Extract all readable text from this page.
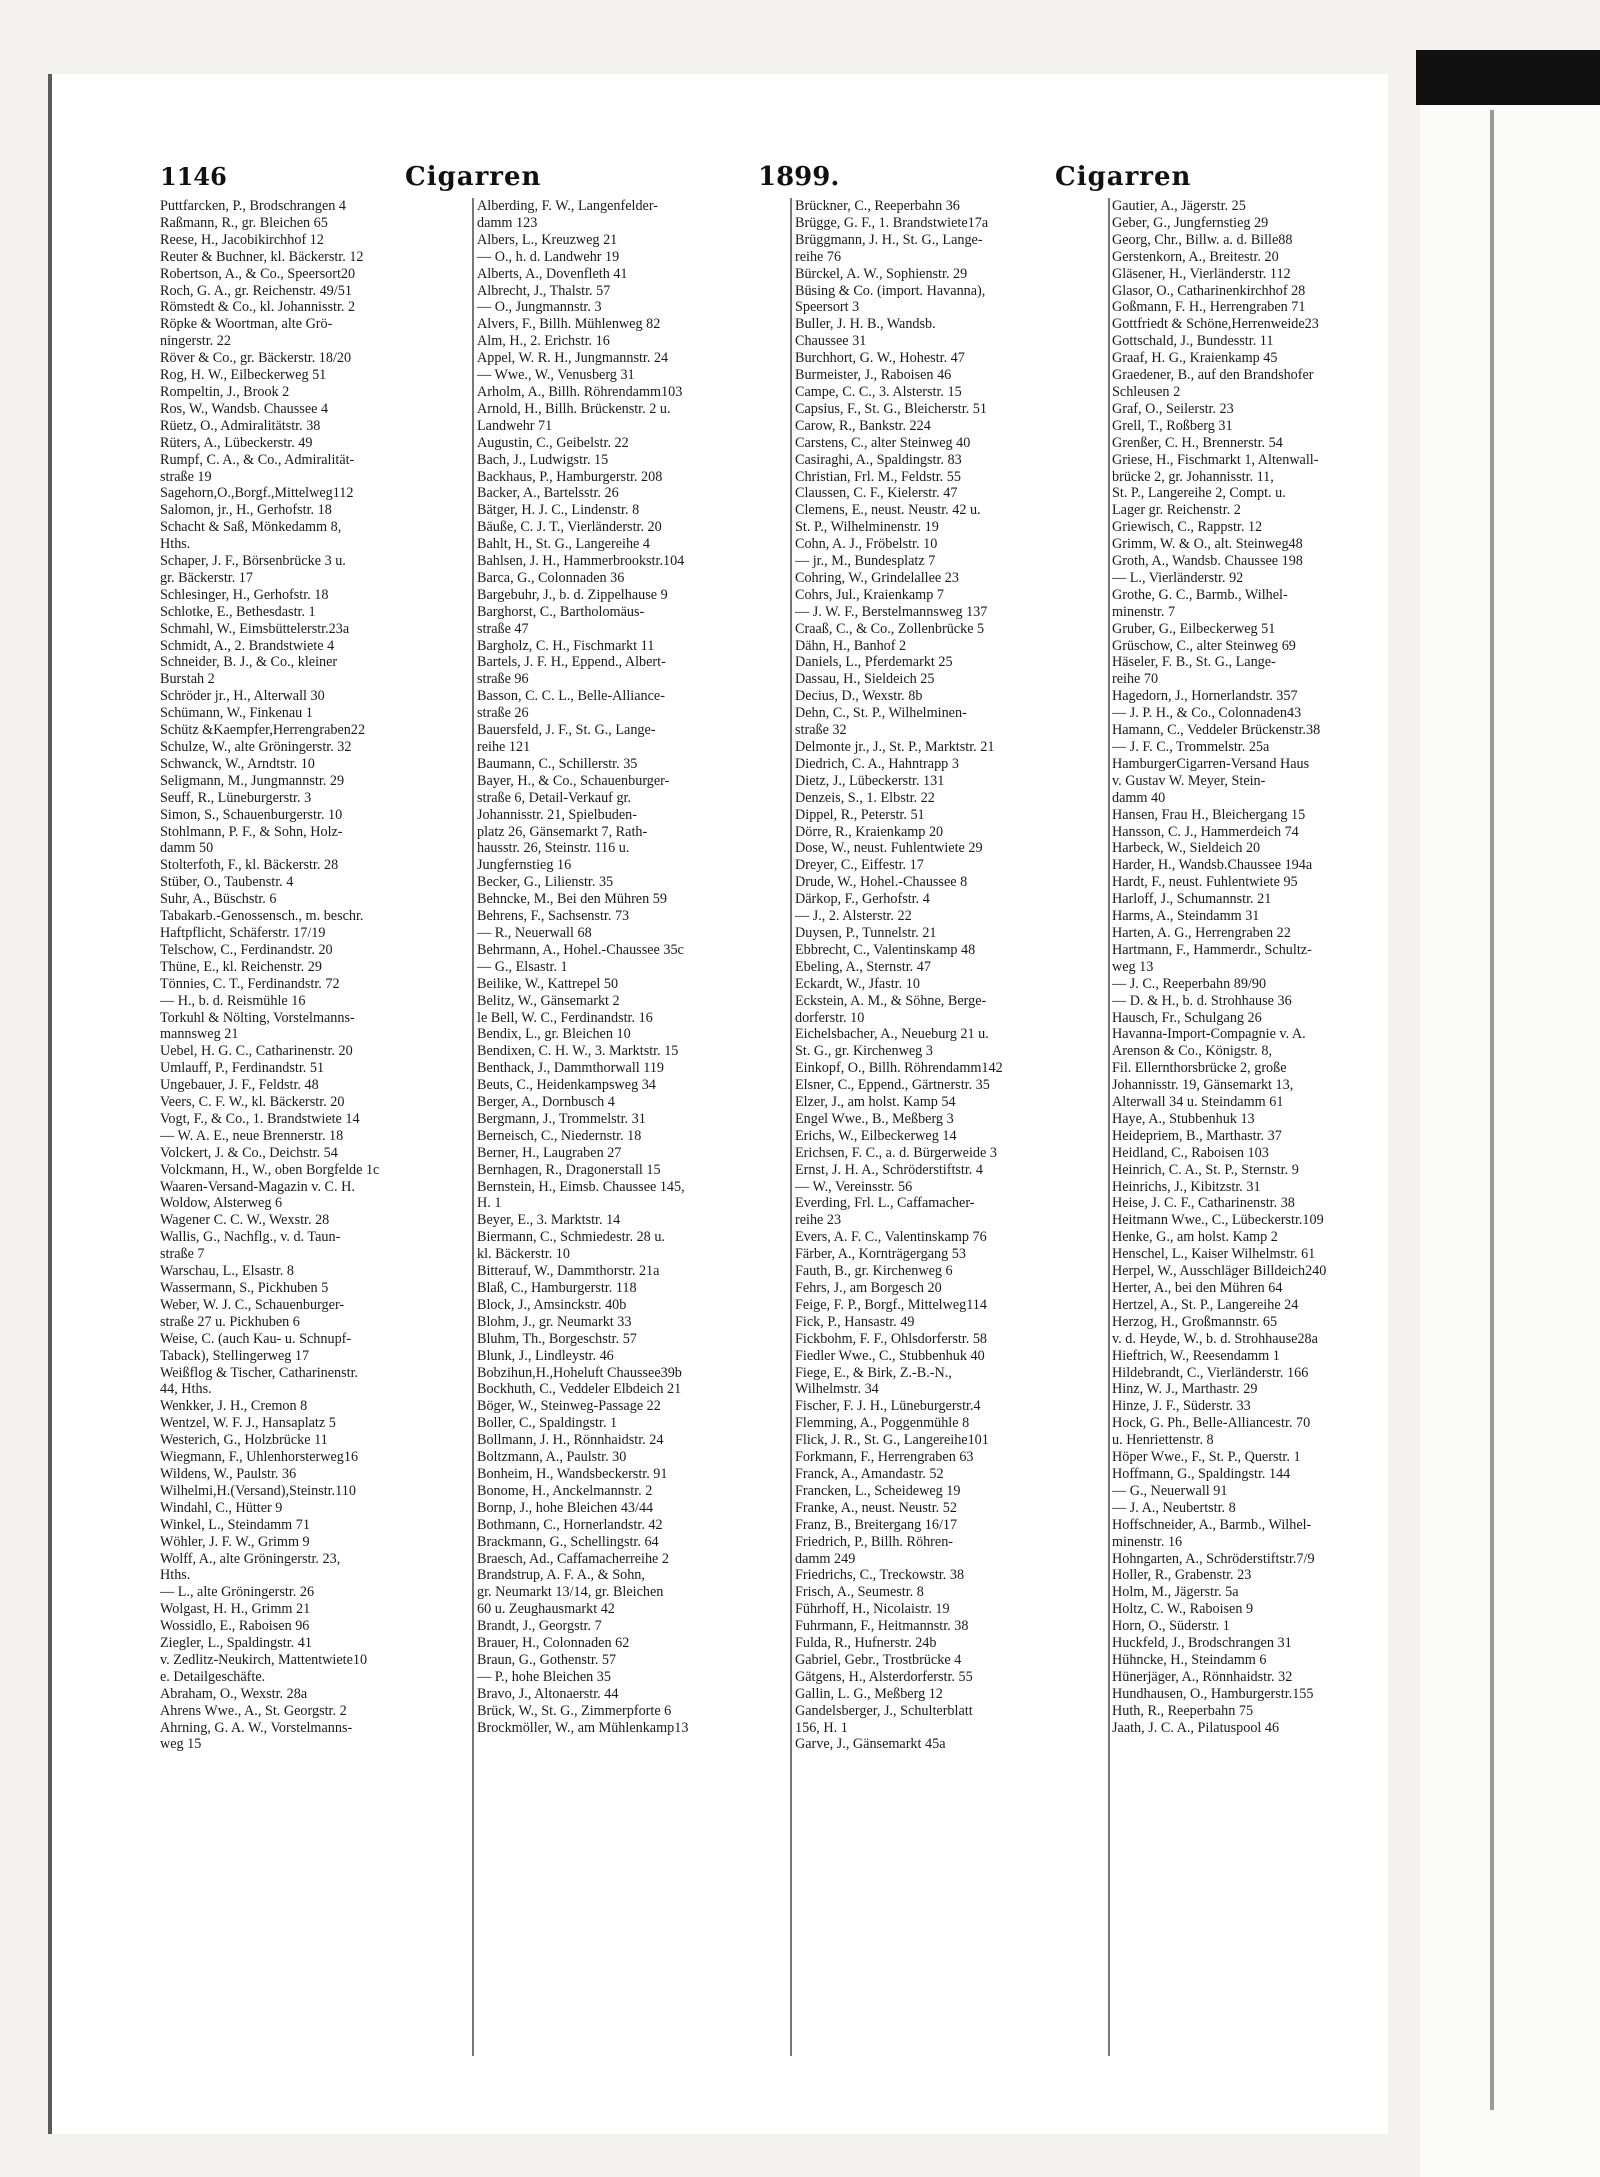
1146	Cigarren	1899.	Cigarren
Puttfarcken, P., Brodschrangen 4
Raßmann, R., gr. Bleichen 65
Reese, H., Jacobikirchhof 12
Reuter & Buchner, kl. Bäckerstr. 12
Robertson, A., & Co., Speersort20
Roch, G. A., gr. Reichenstr. 49/51
Römstedt & Co., kl. Johannisstr. 2
Röpke & Woortman, alte Grö-
ningerstr. 22
Röver & Co., gr. Bäckerstr. 18/20
Rog, H. W., Eilbeckerweg 51
Rompeltin, J., Brook 2
Ros, W., Wandsb. Chaussee 4
Rüetz, O., Admiralitätstr. 38
Rüters, A., Lübeckerstr. 49
Rumpf, C. A., & Co., Admiralität-
straße 19
Sagehorn,O.,Borgf.,Mittelweg112
Salomon, jr., H., Gerhofstr. 18
Schacht & Saß, Mönkedamm 8,
Hths.
Schaper, J. F., Börsenbrücke 3 u.
gr. Bäckerstr. 17
Schlesinger, H., Gerhofstr. 18
Schlotke, E., Bethesdastr. 1
Schmahl, W., Eimsbüttelerstr.23a
Schmidt, A., 2. Brandstwiete 4
Schneider, B. J., & Co., kleiner
Burstah 2
Schröder jr., H., Alterwall 30
Schümann, W., Finkenau 1
Schütz &Kaempfer,Herrengraben22
Schulze, W., alte Gröningerstr. 32
Schwanck, W., Arndtstr. 10
Seligmann, M., Jungmannstr. 29
Seuff, R., Lüneburgerstr. 3
Simon, S., Schauenburgerstr. 10
Stohlmann, P. F., & Sohn, Holz-
damm 50
Stolterfoth, F., kl. Bäckerstr. 28
Stüber, O., Taubenstr. 4
Suhr, A., Büschstr. 6
Tabakarb.-Genossensch., m. beschr.
Haftpflicht, Schäferstr. 17/19
Telschow, C., Ferdinandstr. 20
Thüne, E., kl. Reichenstr. 29
Tönnies, C. T., Ferdinandstr. 72
— H., b. d. Reismühle 16
Torkuhl & Nölting, Vorstelmanns-
mannsweg 21
Uebel, H. G. C., Catharinenstr. 20
Umlauff, P., Ferdinandstr. 51
Ungebauer, J. F., Feldstr. 48
Veers, C. F. W., kl. Bäckerstr. 20
Vogt, F., & Co., 1. Brandstwiete 14
— W. A. E., neue Brennerstr. 18
Volckert, J. & Co., Deichstr. 54
Volckmann, H., W., oben Borgfelde 1c
Waaren-Versand-Magazin v. C. H.
Woldow, Alsterweg 6
Wagener C. C. W., Wexstr. 28
Wallis, G., Nachflg., v. d. Taun-
straße 7
Warschau, L., Elsastr. 8
Wassermann, S., Pickhuben 5
Weber, W. J. C., Schauenburger-
straße 27 u. Pickhuben 6
Weise, C. (auch Kau- u. Schnupf-
Taback), Stellingerweg 17
Weißflog & Tischer, Catharinenstr.
44, Hths.
Wenkker, J. H., Cremon 8
Wentzel, W. F. J., Hansaplatz 5
Westerich, G., Holzbrücke 11
Wiegmann, F., Uhlenhorsterweg16
Wildens, W., Paulstr. 36
Wilhelmi,H.(Versand),Steinstr.110
Windahl, C., Hütter 9
Winkel, L., Steindamm 71
Wöhler, J. F. W., Grimm 9
Wolff, A., alte Gröningerstr. 23,
Hths.
— L., alte Gröningerstr. 26
Wolgast, H. H., Grimm 21
Wossidlo, E., Raboisen 96
Ziegler, L., Spaldingstr. 41
v. Zedlitz-Neukirch, Mattentwiete10
e. Detailgeschäfte.
Abraham, O., Wexstr. 28a
Ahrens Wwe., A., St. Georgstr. 2
Ahrning, G. A. W., Vorstelmanns-
weg 15
Alberding, F. W., Langenfelder-
damm 123
Albers, L., Kreuzweg 21
— O., h. d. Landwehr 19
Alberts, A., Dovenfleth 41
Albrecht, J., Thalstr. 57
— O., Jungmannstr. 3
Alvers, F., Billh. Mühlenweg 82
Alm, H., 2. Erichstr. 16
Appel, W. R. H., Jungmannstr. 24
— Wwe., W., Venusberg 31
Arholm, A., Billh. Röhrendamm103
Arnold, H., Billh. Brückenstr. 2 u.
Landwehr 71
Augustin, C., Geibelstr. 22
Bach, J., Ludwigstr. 15
Backhaus, P., Hamburgerstr. 208
Backer, A., Bartelsstr. 26
Bätger, H. J. C., Lindenstr. 8
Bäuße, C. J. T., Vierländerstr. 20
Bahlt, H., St. G., Langereihe 4
Bahlsen, J. H., Hammerbrookstr.104
Barca, G., Colonnaden 36
Bargebuhr, J., b. d. Zippelhause 9
Barghorst, C., Bartholomäus-
straße 47
Bargholz, C. H., Fischmarkt 11
Bartels, J. F. H., Eppend., Albert-
straße 96
Basson, C. C. L., Belle-Alliance-
straße 26
Bauersfeld, J. F., St. G., Lange-
reihe 121
Baumann, C., Schillerstr. 35
Bayer, H., & Co., Schauenburger-
straße 6, Detail-Verkauf gr.
Johannisstr. 21, Spielbuden-
platz 26, Gänsemarkt 7, Rath-
hausstr. 26, Steinstr. 116 u.
Jungfernstieg 16
Becker, G., Lilienstr. 35
Behncke, M., Bei den Mühren 59
Behrens, F., Sachsenstr. 73
— R., Neuerwall 68
Behrmann, A., Hohel.-Chaussee 35c
— G., Elsastr. 1
Beilike, W., Kattrepel 50
Belitz, W., Gänsemarkt 2
le Bell, W. C., Ferdinandstr. 16
Bendix, L., gr. Bleichen 10
Bendixen, C. H. W., 3. Marktstr. 15
Benthack, J., Dammthorwall 119
Beuts, C., Heidenkampsweg 34
Berger, A., Dornbusch 4
Bergmann, J., Trommelstr. 31
Berneisch, C., Niedernstr. 18
Berner, H., Laugraben 27
Bernhagen, R., Dragonerstall 15
Bernstein, H., Eimsb. Chaussee 145,
H. 1
Beyer, E., 3. Marktstr. 14
Biermann, C., Schmiedestr. 28 u.
kl. Bäckerstr. 10
Bitterauf, W., Dammthorstr. 21a
Blaß, C., Hamburgerstr. 118
Block, J., Amsinckstr. 40b
Blohm, J., gr. Neumarkt 33
Bluhm, Th., Borgeschstr. 57
Blunk, J., Lindleystr. 46
Bobzihun,H.,Hoheluft Chaussee39b
Bockhuth, C., Veddeler Elbdeich 21
Böger, W., Steinweg-Passage 22
Boller, C., Spaldingstr. 1
Bollmann, J. H., Rönnhaidstr. 24
Boltzmann, A., Paulstr. 30
Bonheim, H., Wandsbeckerstr. 91
Bonome, H., Anckelmannstr. 2
Bornp, J., hohe Bleichen 43/44
Bothmann, C., Hornerlandstr. 42
Brackmann, G., Schellingstr. 64
Braesch, Ad., Caffamacherreihe 2
Brandstrup, A. F. A., & Sohn,
gr. Neumarkt 13/14, gr. Bleichen
60 u. Zeughausmarkt 42
Brandt, J., Georgstr. 7
Brauer, H., Colonnaden 62
Braun, G., Gothenstr. 57
— P., hohe Bleichen 35
Bravo, J., Altonaerstr. 44
Brück, W., St. G., Zimmerpforte 6
Brockmöller, W., am Mühlenkamp13
Brückner, C., Reeperbahn 36
Brügge, G. F., 1. Brandstwiete17a
Brüggmann, J. H., St. G., Lange-
reihe 76
Bürckel, A. W., Sophienstr. 29
Büsing & Co. (import. Havanna),
Speersort 3
Buller, J. H. B., Wandsb.
Chaussee 31
Burchhort, G. W., Hohestr. 47
Burmeister, J., Raboisen 46
Campe, C. C., 3. Alsterstr. 15
Capsius, F., St. G., Bleicherstr. 51
Carow, R., Bankstr. 224
Carstens, C., alter Steinweg 40
Casiraghi, A., Spaldingstr. 83
Christian, Frl. M., Feldstr. 55
Claussen, C. F., Kielerstr. 47
Clemens, E., neust. Neustr. 42 u.
St. P., Wilhelminenstr. 19
Cohn, A. J., Fröbelstr. 10
— jr., M., Bundesplatz 7
Cohring, W., Grindelallee 23
Cohrs, Jul., Kraienkamp 7
— J. W. F., Berstelmannsweg 137
Craaß, C., & Co., Zollenbrücke 5
Dähn, H., Banhof 2
Daniels, L., Pferdemarkt 25
Dassau, H., Sieldeich 25
Decius, D., Wexstr. 8b
Dehn, C., St. P., Wilhelminen-
straße 32
Delmonte jr., J., St. P., Marktstr. 21
Diedrich, C. A., Hahntrapp 3
Dietz, J., Lübeckerstr. 131
Denzeis, S., 1. Elbstr. 22
Dippel, R., Peterstr. 51
Dörre, R., Kraienkamp 20
Dose, W., neust. Fuhlentwiete 29
Dreyer, C., Eiffestr. 17
Drude, W., Hohel.-Chaussee 8
Därkop, F., Gerhofstr. 4
— J., 2. Alsterstr. 22
Duysen, P., Tunnelstr. 21
Ebbrecht, C., Valentinskamp 48
Ebeling, A., Sternstr. 47
Eckardt, W., Jfastr. 10
Eckstein, A. M., & Söhne, Berge-
dorferstr. 10
Eichelsbacher, A., Neueburg 21 u.
St. G., gr. Kirchenweg 3
Einkopf, O., Billh. Röhrendamm142
Elsner, C., Eppend., Gärtnerstr. 35
Elzer, J., am holst. Kamp 54
Engel Wwe., B., Meßberg 3
Erichs, W., Eilbeckerweg 14
Erichsen, F. C., a. d. Bürgerweide 3
Ernst, J. H. A., Schröderstiftstr. 4
— W., Vereinsstr. 56
Everding, Frl. L., Caffamacher-
reihe 23
Evers, A. F. C., Valentinskamp 76
Färber, A., Kornträgergang 53
Fauth, B., gr. Kirchenweg 6
Fehrs, J., am Borgesch 20
Feige, F. P., Borgf., Mittelweg114
Fick, P., Hansastr. 49
Fickbohm, F. F., Ohlsdorferstr. 58
Fiedler Wwe., C., Stubbenhuk 40
Fiege, E., & Birk, Z.-B.-N.,
Wilhelmstr. 34
Fischer, F. J. H., Lüneburgerstr.4
Flemming, A., Poggenmühle 8
Flick, J. R., St. G., Langereihe101
Forkmann, F., Herrengraben 63
Franck, A., Amandastr. 52
Francken, L., Scheideweg 19
Franke, A., neust. Neustr. 52
Franz, B., Breitergang 16/17
Friedrich, P., Billh. Röhren-
damm 249
Friedrichs, C., Treckowstr. 38
Frisch, A., Seumestr. 8
Führhoff, H., Nicolaistr. 19
Fuhrmann, F., Heitmannstr. 38
Fulda, R., Hufnerstr. 24b
Gabriel, Gebr., Trostbrücke 4
Gätgens, H., Alsterdorferstr. 55
Gallin, L. G., Meßberg 12
Gandelsberger, J., Schulterblatt
156, H. 1
Garve, J., Gänsemarkt 45a
Gautier, A., Jägerstr. 25
Geber, G., Jungfernstieg 29
Georg, Chr., Billw. a. d. Bille88
Gerstenkorn, A., Breitestr. 20
Gläsener, H., Vierländerstr. 112
Glasor, O., Catharinenkirchhof 28
Goßmann, F. H., Herrengraben 71
Gottfriedt & Schöne,Herrenweide23
Gottschald, J., Bundesstr. 11
Graaf, H. G., Kraienkamp 45
Graedener, B., auf den Brandshofer
Schleusen 2
Graf, O., Seilerstr. 23
Grell, T., Roßberg 31
Grenßer, C. H., Brennerstr. 54
Griese, H., Fischmarkt 1, Altenwall-
brücke 2, gr. Johannisstr. 11,
St. P., Langereihe 2, Compt. u.
Lager gr. Reichenstr. 2
Griewisch, C., Rappstr. 12
Grimm, W. & O., alt. Steinweg48
Groth, A., Wandsb. Chaussee 198
— L., Vierländerstr. 92
Grothe, G. C., Barmb., Wilhel-
minenstr. 7
Gruber, G., Eilbeckerweg 51
Grüschow, C., alter Steinweg 69
Häseler, F. B., St. G., Lange-
reihe 70
Hagedorn, J., Hornerlandstr. 357
— J. P. H., & Co., Colonnaden43
Hamann, C., Veddeler Brückenstr.38
— J. F. C., Trommelstr. 25a
HamburgerCigarren-Versand Haus
v. Gustav W. Meyer, Stein-
damm 40
Hansen, Frau H., Bleichergang 15
Hansson, C. J., Hammerdeich 74
Harbeck, W., Sieldeich 20
Harder, H., Wandsb.Chaussee 194a
Hardt, F., neust. Fuhlentwiete 95
Harloff, J., Schumannstr. 21
Harms, A., Steindamm 31
Harten, A. G., Herrengraben 22
Hartmann, F., Hammerdr., Schultz-
weg 13
— J. C., Reeperbahn 89/90
— D. & H., b. d. Strohhause 36
Hausch, Fr., Schulgang 26
Havanna-Import-Compagnie v. A.
Arenson & Co., Königstr. 8,
Fil. Ellernthorsbrücke 2, große
Johannisstr. 19, Gänsemarkt 13,
Alterwall 34 u. Steindamm 61
Haye, A., Stubbenhuk 13
Heidepriem, B., Marthastr. 37
Heidland, C., Raboisen 103
Heinrich, C. A., St. P., Sternstr. 9
Heinrichs, J., Kibitzstr. 31
Heise, J. C. F., Catharinenstr. 38
Heitmann Wwe., C., Lübeckerstr.109
Henke, G., am holst. Kamp 2
Henschel, L., Kaiser Wilhelmstr. 61
Herpel, W., Ausschläger Billdeich240
Herter, A., bei den Mühren 64
Hertzel, A., St. P., Langereihe 24
Herzog, H., Großmannstr. 65
v. d. Heyde, W., b. d. Strohhause28a
Hieftrich, W., Reesendamm 1
Hildebrandt, C., Vierländerstr. 166
Hinz, W. J., Marthastr. 29
Hinze, J. F., Süderstr. 33
Hock, G. Ph., Belle-Alliancestr. 70
u. Henriettenstr. 8
Höper Wwe., F., St. P., Querstr. 1
Hoffmann, G., Spaldingstr. 144
— G., Neuerwall 91
— J. A., Neubertstr. 8
Hoffschneider, A., Barmb., Wilhel-
minenstr. 16
Hohngarten, A., Schröderstiftstr.7/9
Holler, R., Grabenstr. 23
Holm, M., Jägerstr. 5a
Holtz, C. W., Raboisen 9
Horn, O., Süderstr. 1
Huckfeld, J., Brodschrangen 31
Hühncke, H., Steindamm 6
Hünerjäger, A., Rönnhaidstr. 32
Hundhausen, O., Hamburgerstr.155
Huth, R., Reeperbahn 75
Jaath, J. C. A., Pilatuspool 46
